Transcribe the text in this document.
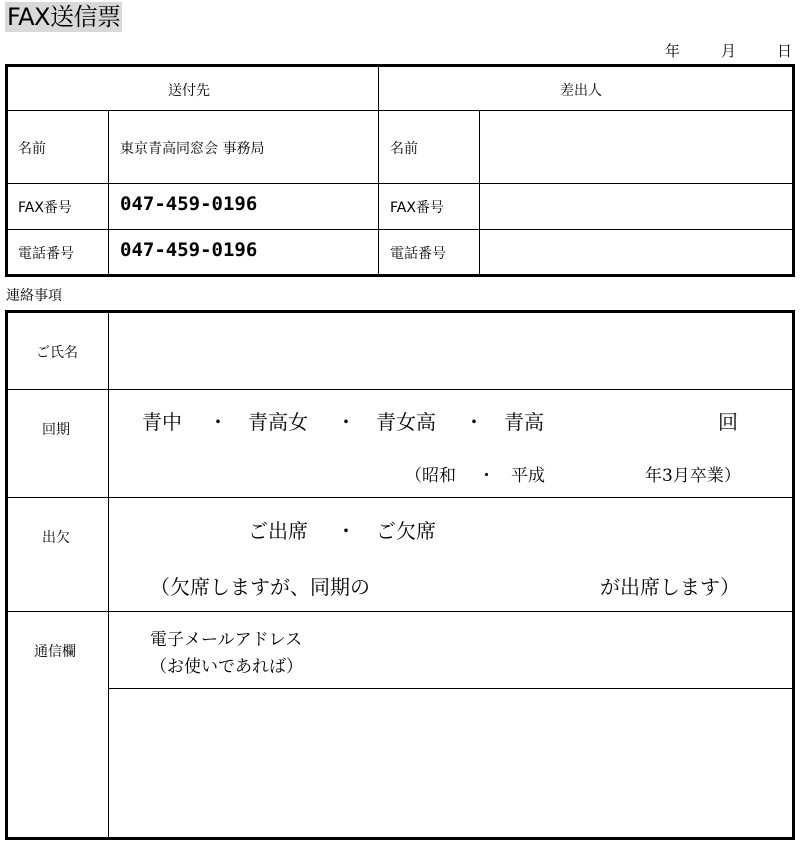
FAX送信票
年	月	日
送付先	差出人
名前	東京青高同窓会 事務局	名前
FAX番号	047-459-0196	FAX番号
電話番号 047-459-0196	電話番号
連絡事項
ご氏名
回期	青中 ・ 青高女 ・ 青女高 ・ 青高	回
（昭和 ・ 平成	年3月卒業）
出欠	ご出席 ・ ご欠席
（欠席しますが、同期の	が出席します）
通信欄
電子メールアドレス
（お使いであれば）
